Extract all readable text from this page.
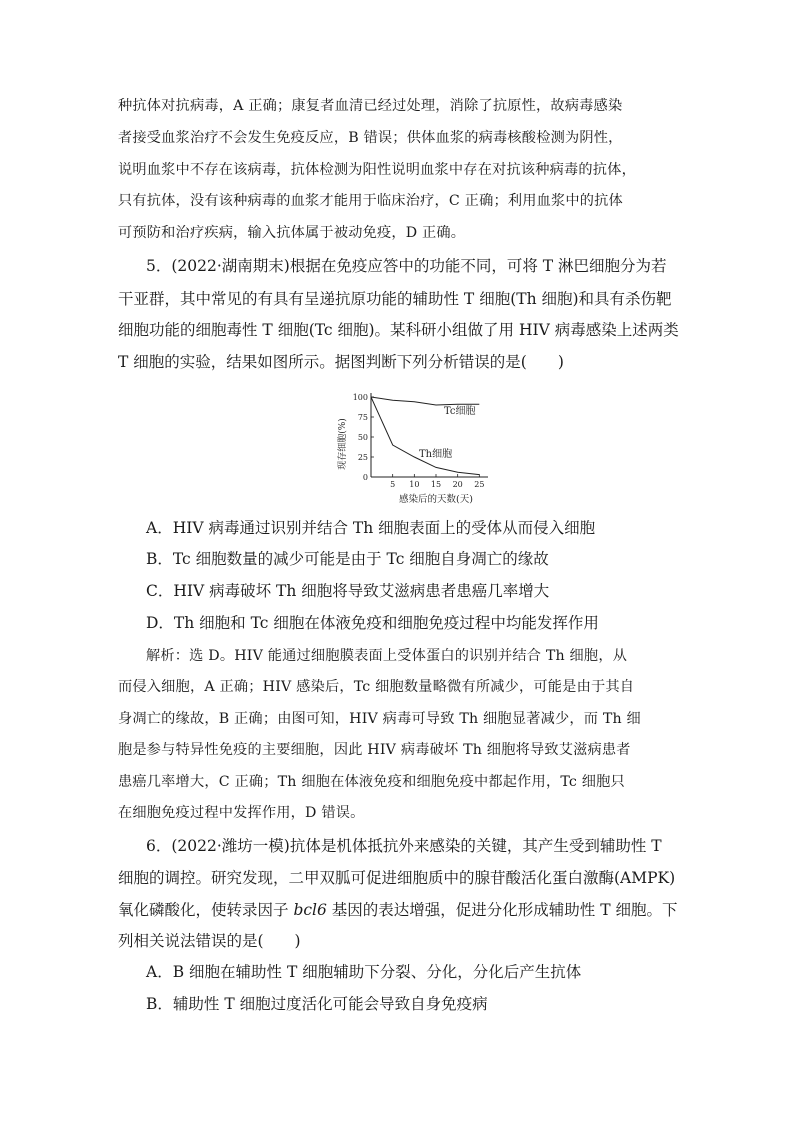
种抗体对抗病毒，A 正确；康复者血清已经过处理，消除了抗原性，故病毒感染
者接受血浆治疗不会发生免疫反应，B 错误；供体血浆的病毒核酸检测为阴性，
说明血浆中不存在该病毒，抗体检测为阳性说明血浆中存在对抗该种病毒的抗体，
只有抗体，没有该种病毒的血浆才能用于临床治疗，C 正确；利用血浆中的抗体
可预防和治疗疾病，输入抗体属于被动免疫，D 正确。
5．(2022·湖南期末)根据在免疫应答中的功能不同，可将 T 淋巴细胞分为若
干亚群，其中常见的有具有呈递抗原功能的辅助性 T 细胞(Th 细胞)和具有杀伤靶
细胞功能的细胞毒性 T 细胞(Tc 细胞)。某科研小组做了用 HIV 病毒感染上述两类
T 细胞的实验，结果如图所示。据图判断下列分析错误的是(　　)
0
25
50
75
100
5 10 15 20 25
现存细胞(%)
感染后的天数(天)
Tc细胞
Th细胞
A．HIV 病毒通过识别并结合 Th 细胞表面上的受体从而侵入细胞
B．Tc 细胞数量的减少可能是由于 Tc 细胞自身凋亡的缘故
C．HIV 病毒破坏 Th 细胞将导致艾滋病患者患癌几率增大
D．Th 细胞和 Tc 细胞在体液免疫和细胞免疫过程中均能发挥作用
解析：选 D。HIV 能通过细胞膜表面上受体蛋白的识别并结合 Th 细胞，从
而侵入细胞，A 正确；HIV 感染后，Tc 细胞数量略微有所减少，可能是由于其自
身凋亡的缘故，B 正确；由图可知，HIV 病毒可导致 Th 细胞显著减少，而 Th 细
胞是参与特异性免疫的主要细胞，因此 HIV 病毒破坏 Th 细胞将导致艾滋病患者
患癌几率增大，C 正确；Th 细胞在体液免疫和细胞免疫中都起作用，Tc 细胞只
在细胞免疫过程中发挥作用，D 错误。
6．(2022·潍坊一模)抗体是机体抵抗外来感染的关键，其产生受到辅助性 T
细胞的调控。研究发现，二甲双胍可促进细胞质中的腺苷酸活化蛋白激酶(AMPK)
氧化磷酸化，使转录因子 bcl6 基因的表达增强，促进分化形成辅助性 T 细胞。下
列相关说法错误的是(　　)
A．B 细胞在辅助性 T 细胞辅助下分裂、分化，分化后产生抗体
B．辅助性 T 细胞过度活化可能会导致自身免疫病
